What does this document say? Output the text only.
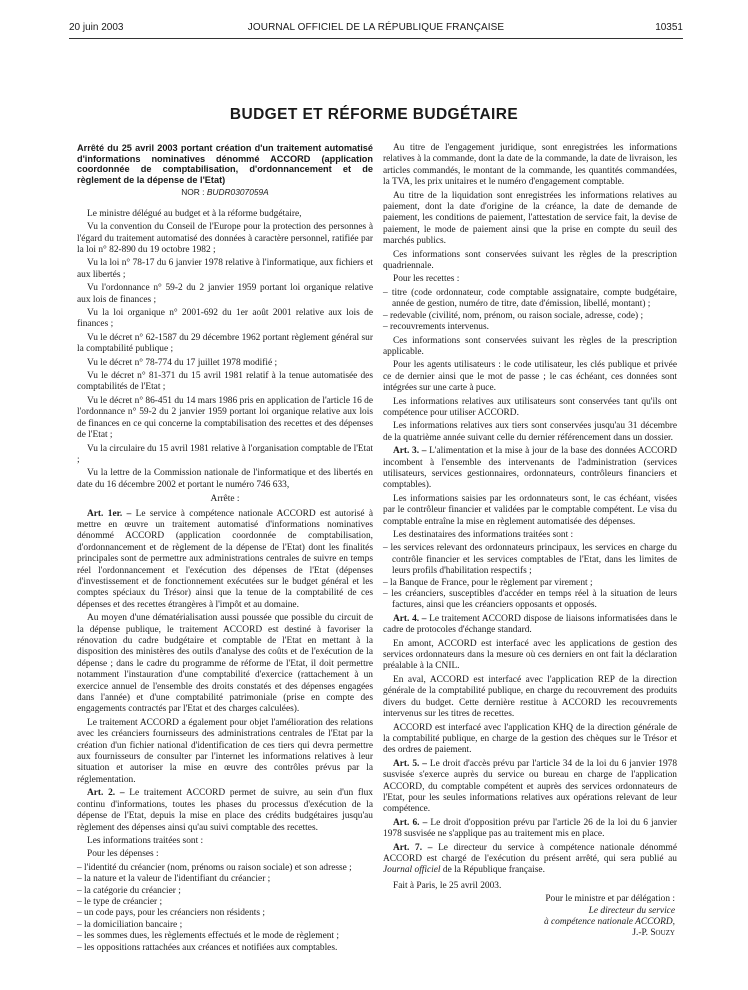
20 juin 2003	JOURNAL OFFICIEL DE LA RÉPUBLIQUE FRANÇAISE	10351
BUDGET ET RÉFORME BUDGÉTAIRE

Arrêté du 25 avril 2003 portant création d'un traitement automatisé d'informations nominatives dénommé ACCORD (application coordonnée de comptabilisation, d'ordonnancement et de règlement de la dépense de l'Etat)

NOR : BUDR0307059A

Le ministre délégué au budget et à la réforme budgétaire,

Vu la convention du Conseil de l'Europe pour la protection des personnes à l'égard du traitement automatisé des données à caractère personnel, ratifiée par la loi n° 82-890 du 19 octobre 1982 ;

Vu la loi n° 78-17 du 6 janvier 1978 relative à l'informatique, aux fichiers et aux libertés ;

Vu l'ordonnance n° 59-2 du 2 janvier 1959 portant loi organique relative aux lois de finances ;

Vu la loi organique n° 2001-692 du 1er août 2001 relative aux lois de finances ;

Vu le décret n° 62-1587 du 29 décembre 1962 portant règlement général sur la comptabilité publique ;

Vu le décret n° 78-774 du 17 juillet 1978 modifié ;

Vu le décret n° 81-371 du 15 avril 1981 relatif à la tenue automatisée des comptabilités de l'Etat ;

Vu le décret n° 86-451 du 14 mars 1986 pris en application de l'article 16 de l'ordonnance n° 59-2 du 2 janvier 1959 portant loi organique relative aux lois de finances en ce qui concerne la comptabilisation des recettes et des dépenses de l'Etat ;

Vu la circulaire du 15 avril 1981 relative à l'organisation comptable de l'Etat ;

Vu la lettre de la Commission nationale de l'informatique et des libertés en date du 16 décembre 2002 et portant le numéro 746 633,

Arrête :

Art. 1er. – Le service à compétence nationale ACCORD est autorisé à mettre en œuvre un traitement automatisé d'informations nominatives dénommé ACCORD (application coordonnée de comptabilisation, d'ordonnancement et de règlement de la dépense de l'Etat) dont les finalités principales sont de permettre aux administrations centrales de suivre en temps réel l'ordonnancement et l'exécution des dépenses de l'Etat (dépenses d'investissement et de fonctionnement exécutées sur le budget général et les comptes spéciaux du Trésor) ainsi que la tenue de la comptabilité de ces dépenses et des recettes étrangères à l'impôt et au domaine.

Au moyen d'une dématérialisation aussi poussée que possible du circuit de la dépense publique, le traitement ACCORD est destiné à favoriser la rénovation du cadre budgétaire et comptable de l'Etat en mettant à la disposition des ministères des outils d'analyse des coûts et de l'exécution de la dépense ; dans le cadre du programme de réforme de l'Etat, il doit permettre notamment l'instauration d'une comptabilité d'exercice (rattachement à un exercice annuel de l'ensemble des droits constatés et des dépenses engagées dans l'année) et d'une comptabilité patrimoniale (prise en compte des engagements contractés par l'Etat et des charges calculées).

Le traitement ACCORD a également pour objet l'amélioration des relations avec les créanciers fournisseurs des administrations centrales de l'Etat par la création d'un fichier national d'identification de ces tiers qui devra permettre aux fournisseurs de consulter par l'internet les informations relatives à leur situation et autoriser la mise en œuvre des contrôles prévus par la réglementation.

Art. 2. – Le traitement ACCORD permet de suivre, au sein d'un flux continu d'informations, toutes les phases du processus d'exécution de la dépense de l'Etat, depuis la mise en place des crédits budgétaires jusqu'au règlement des dépenses ainsi qu'au suivi comptable des recettes.

Les informations traitées sont :

Pour les dépenses :

– l'identité du créancier (nom, prénoms ou raison sociale) et son adresse ;
– la nature et la valeur de l'identifiant du créancier ;
– la catégorie du créancier ;
– le type de créancier ;
– un code pays, pour les créanciers non résidents ;
– la domiciliation bancaire ;
– les sommes dues, les règlements effectués et le mode de règlement ;
– les oppositions rattachées aux créances et notifiées aux comptables.

Au titre de l'engagement juridique, sont enregistrées les informations relatives à la commande, dont la date de la commande, la date de livraison, les articles commandés, le montant de la commande, les quantités commandées, la TVA, les prix unitaires et le numéro d'engagement comptable.

Au titre de la liquidation sont enregistrées les informations relatives au paiement, dont la date d'origine de la créance, la date de demande de paiement, les conditions de paiement, l'attestation de service fait, la devise de paiement, le mode de paiement ainsi que la prise en compte du seuil des marchés publics.

Ces informations sont conservées suivant les règles de la prescription quadriennale.

Pour les recettes :

– titre (code ordonnateur, code comptable assignataire, compte budgétaire, année de gestion, numéro de titre, date d'émission, libellé, montant) ;
– redevable (civilité, nom, prénom, ou raison sociale, adresse, code) ;
– recouvrements intervenus.

Ces informations sont conservées suivant les règles de la prescription applicable.

Pour les agents utilisateurs : le code utilisateur, les clés publique et privée ce de dernier ainsi que le mot de passe ; le cas échéant, ces données sont intégrées sur une carte à puce.

Les informations relatives aux utilisateurs sont conservées tant qu'ils ont compétence pour utiliser ACCORD.

Les informations relatives aux tiers sont conservées jusqu'au 31 décembre de la quatrième année suivant celle du dernier référencement dans un dossier.

Art. 3. – L'alimentation et la mise à jour de la base des données ACCORD incombent à l'ensemble des intervenants de l'administration (services utilisateurs, services gestionnaires, ordonnateurs, contrôleurs financiers et comptables).

Les informations saisies par les ordonnateurs sont, le cas échéant, visées par le contrôleur financier et validées par le comptable compétent. Le visa du comptable entraîne la mise en règlement automatisée des dépenses.

Les destinataires des informations traitées sont :

– les services relevant des ordonnateurs principaux, les services en charge du contrôle financier et les services comptables de l'Etat, dans les limites de leurs profils d'habilitation respectifs ;
– la Banque de France, pour le règlement par virement ;
– les créanciers, susceptibles d'accéder en temps réel à la situation de leurs factures, ainsi que les créanciers opposants et opposés.

Art. 4. – Le traitement ACCORD dispose de liaisons informatisées dans le cadre de protocoles d'échange standard.

En amont, ACCORD est interfacé avec les applications de gestion des services ordonnateurs dans la mesure où ces derniers en ont fait la déclaration préalable à la CNIL.

En aval, ACCORD est interfacé avec l'application REP de la direction générale de la comptabilité publique, en charge du recouvrement des produits divers du budget. Cette dernière restitue à ACCORD les recouvrements intervenus sur les titres de recettes.

ACCORD est interfacé avec l'application KHQ de la direction générale de la comptabilité publique, en charge de la gestion des chèques sur le Trésor et des ordres de paiement.

Art. 5. – Le droit d'accès prévu par l'article 34 de la loi du 6 janvier 1978 susvisée s'exerce auprès du service ou bureau en charge de l'application ACCORD, du comptable compétent et auprès des services ordonnateurs de l'Etat, pour les seules informations relatives aux opérations relevant de leur compétence.

Art. 6. – Le droit d'opposition prévu par l'article 26 de la loi du 6 janvier 1978 susvisée ne s'applique pas au traitement mis en place.

Art. 7. – Le directeur du service à compétence nationale dénommé ACCORD est chargé de l'exécution du présent arrêté, qui sera publié au Journal officiel de la République française.

Fait à Paris, le 25 avril 2003.

Pour le ministre et par délégation :

Le directeur du service

à compétence nationale ACCORD,

J.-P. Souzy
